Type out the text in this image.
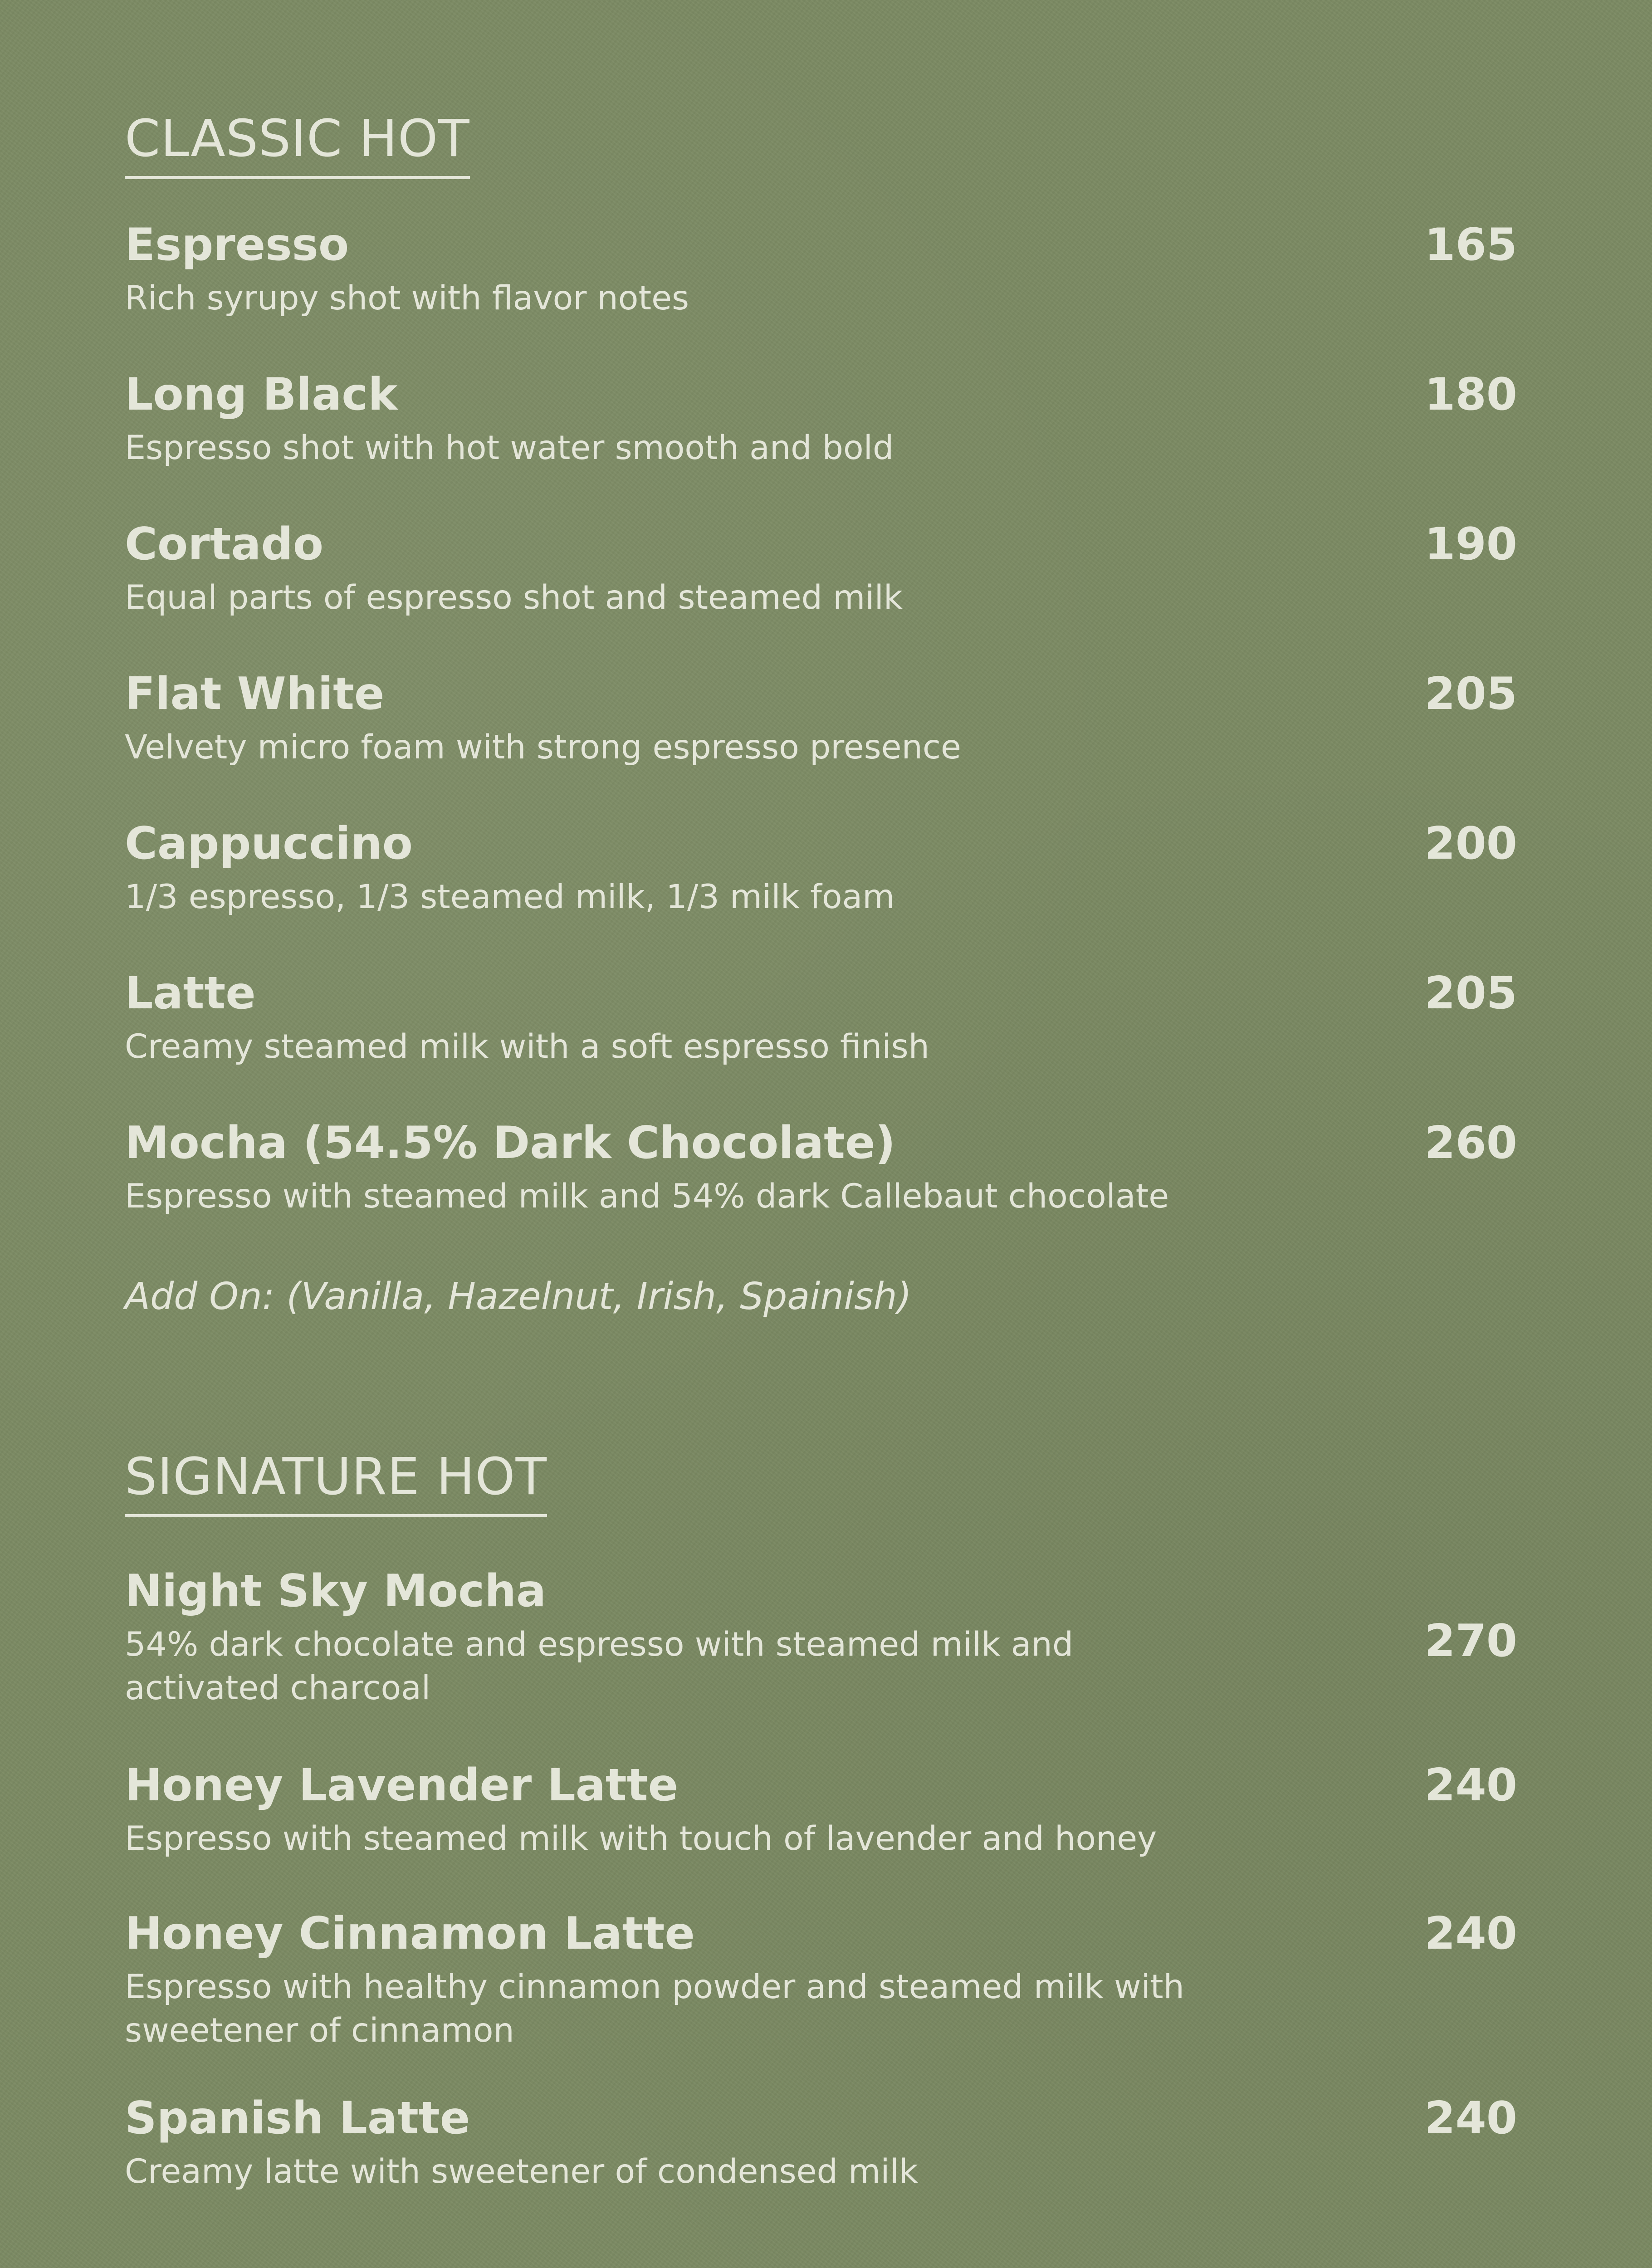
CLASSIC HOT
Espresso
Rich syrupy shot with flavor notes
165
Long Black
Espresso shot with hot water smooth and bold
180
Cortado
Equal parts of espresso shot and steamed milk
190
Flat White
Velvety micro foam with strong espresso presence
205
Cappuccino
1/3 espresso, 1/3 steamed milk, 1/3 milk foam
200
Latte
Creamy steamed milk with a soft espresso finish
205
Mocha (54.5% Dark Chocolate)
Espresso with steamed milk and 54% dark Callebaut chocolate
260
Add On: (Vanilla, Hazelnut, Irish, Spainish)
SIGNATURE HOT
Night Sky Mocha
54% dark chocolate and espresso with steamed milk and activated charcoal
270
Honey Lavender Latte
Espresso with steamed milk with touch of lavender and honey
240
Honey Cinnamon Latte
Espresso with healthy cinnamon powder and steamed milk with sweetener of cinnamon
240
Spanish Latte
Creamy latte with sweetener of condensed milk
240
